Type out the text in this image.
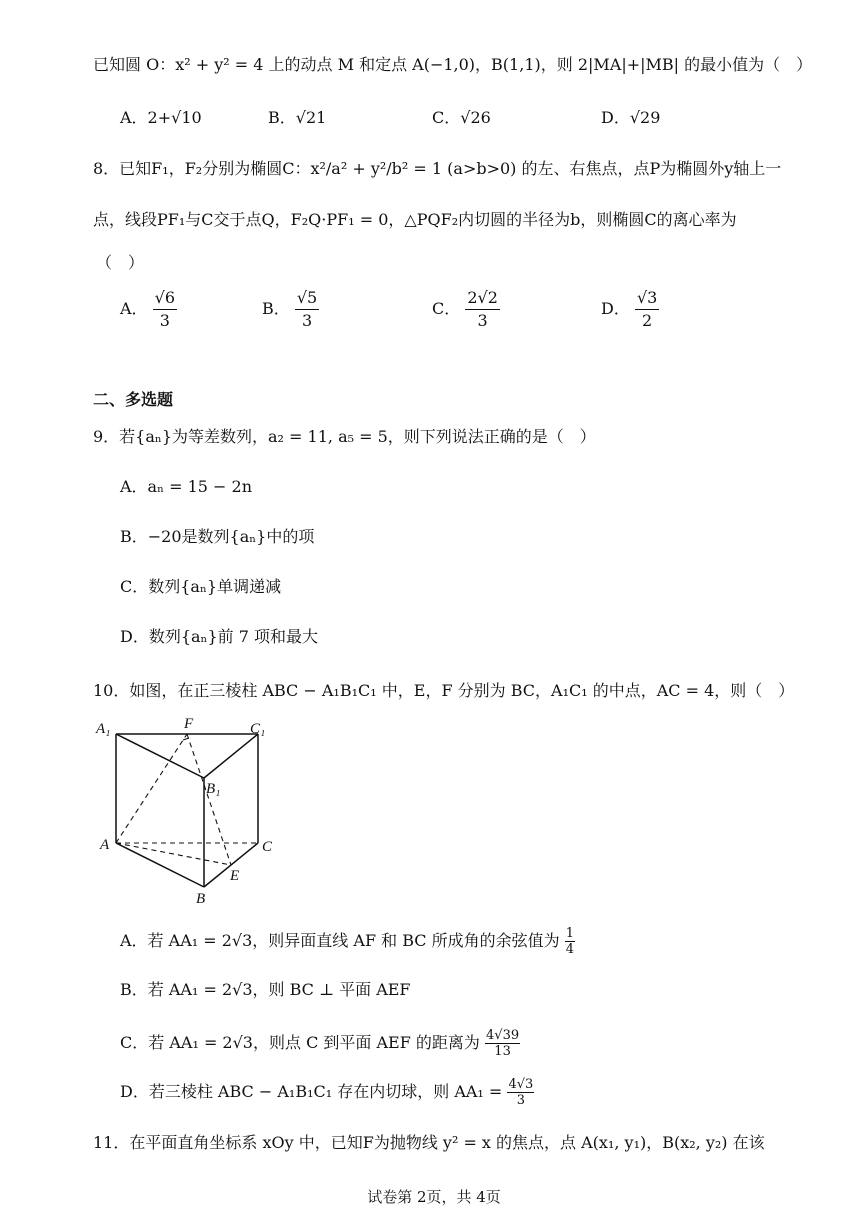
已知圆 O：x² + y² = 4 上的动点 M 和定点 A(−1,0)，B(1,1)，则 2|MA|+|MB| 的最小值为（　）
A．2+√10	B．√21	C．√26	D．√29
8．已知F₁，F₂分别为椭圆C：x²/a² + y²/b² = 1 (a>b>0) 的左、右焦点，点P为椭圆外y轴上一
点，线段PF₁与C交于点Q，F₂Q·PF₁ = 0，△PQF₂内切圆的半径为b，则椭圆C的离心率为
（　）
A． $\frac{√6}{3}$	B． $\frac{√5}{3}$	C． $\frac{2√2}{3}$	D． $\frac{√3}{2}$
二、多选题
9．若{aₙ}为等差数列，a₂ = 11, a₅ = 5，则下列说法正确的是（　）
A．aₙ = 15 − 2n
B．−20是数列{aₙ}中的项
C．数列{aₙ}单调递减
D．数列{aₙ}前 7 项和最大
10．如图，在正三棱柱 ABC − A₁B₁C₁ 中，E，F 分别为 BC，A₁C₁ 的中点，AC = 4，则（　）
A₁	F	C₁
B₁
A	C
E
B
A．若 AA₁ = 2√3，则异面直线 AF 和 BC 所成角的余弦值为 $\frac{1}{4}$
B．若 AA₁ = 2√3，则 BC ⊥ 平面 AEF
C．若 AA₁ = 2√3，则点 C 到平面 AEF 的距离为 $\frac{4√39}{13}$
D．若三棱柱 ABC − A₁B₁C₁ 存在内切球，则 $AA_1 = \frac{4√3}{3}$
11．在平面直角坐标系 xOy 中，已知F为抛物线 y² = x 的焦点，点 A(x₁, y₁)，B(x₂, y₂) 在该
试卷第 2页，共 4页
